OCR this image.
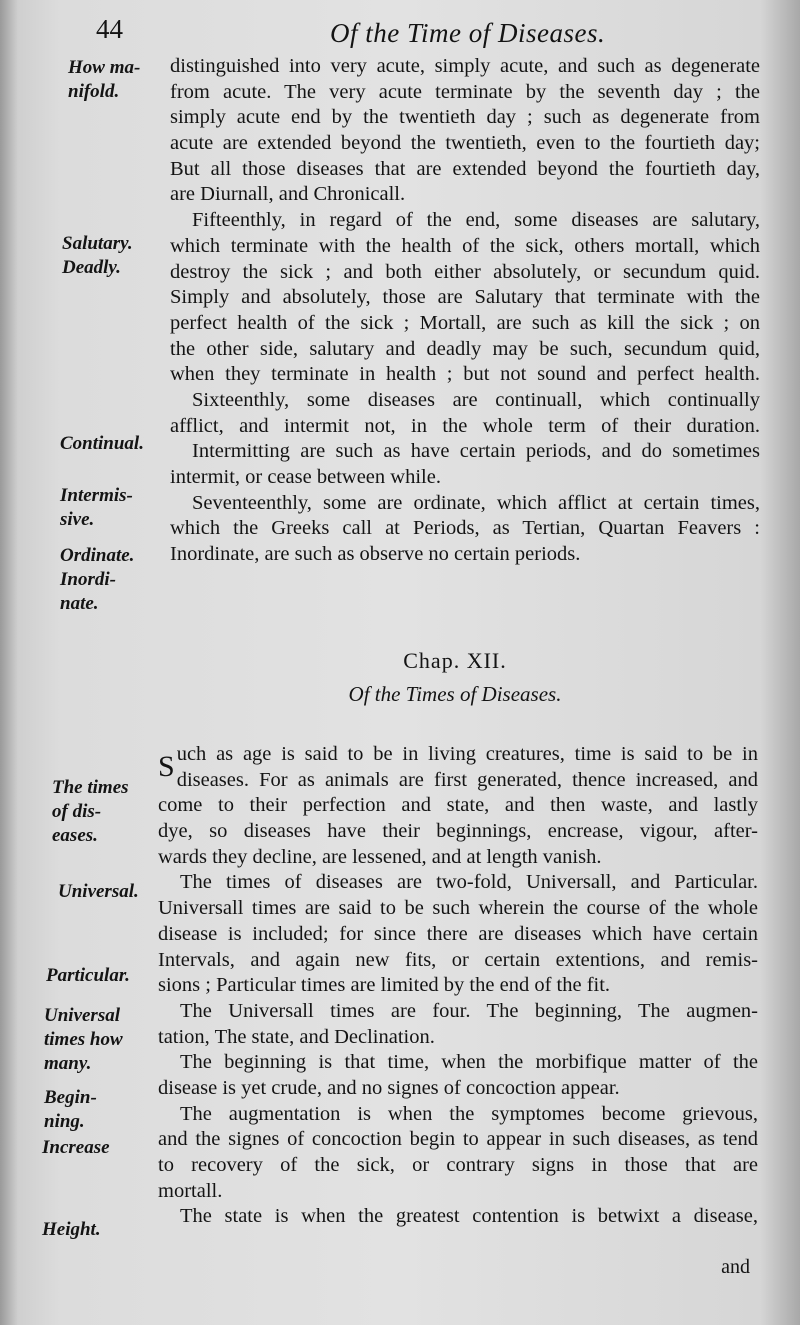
44	Of the Time of Diseases.
How ma-
nifold.
Salutary.
Deadly.
Continual.
Intermis-
sive.
Ordinate.
Inordi-
nate.
The times
of dis-
eases.
Universal.
Particular.
Universal
times how
many.
Begin-
ning.
Increase
Height.
distinguished into very acute, simply acute, and such as degenerate
from acute. The very acute terminate by the seventh day ; the
simply acute end by the twentieth day ; such as degenerate from
acute are extended beyond the twentieth, even to the fourtieth day;
But all those diseases that are extended beyond the fourtieth day,
are Diurnall, and Chronicall.
Fifteenthly, in regard of the end, some diseases are salutary,
which terminate with the health of the sick, others mortall, which
destroy the sick ; and both either absolutely, or secundum quid.
Simply and absolutely, those are Salutary that terminate with the
perfect health of the sick ; Mortall, are such as kill the sick ; on
the other side, salutary and deadly may be such, secundum quid,
when they terminate in health ; but not sound and perfect health.
Sixteenthly, some diseases are continuall, which continually
afflict, and intermit not, in the whole term of their duration.
Intermitting are such as have certain periods, and do sometimes
intermit, or cease between while.
Seventeenthly, some are ordinate, which afflict at certain times,
which the Greeks call at Periods, as Tertian, Quartan Feavers :
Inordinate, are such as observe no certain periods.
Chap. XII.
Of the Times of Diseases.
S uch as age is said to be in living creatures, time is said to be in
diseases. For as animals are first generated, thence increased, and
come to their perfection and state, and then waste, and lastly
dye, so diseases have their beginnings, encrease, vigour, after-
wards they decline, are lessened, and at length vanish.
The times of diseases are two-fold, Universall, and Particular.
Universall times are said to be such wherein the course of the whole
disease is included; for since there are diseases which have certain
Intervals, and again new fits, or certain extentions, and remis-
sions ; Particular times are limited by the end of the fit.
The Universall times are four. The beginning, The augmen-
tation, The state, and Declination.
The beginning is that time, when the morbifique matter of the
disease is yet crude, and no signes of concoction appear.
The augmentation is when the symptomes become grievous,
and the signes of concoction begin to appear in such diseases, as tend
to recovery of the sick, or contrary signs in those that are
mortall.
The state is when the greatest contention is betwixt a disease,
and
